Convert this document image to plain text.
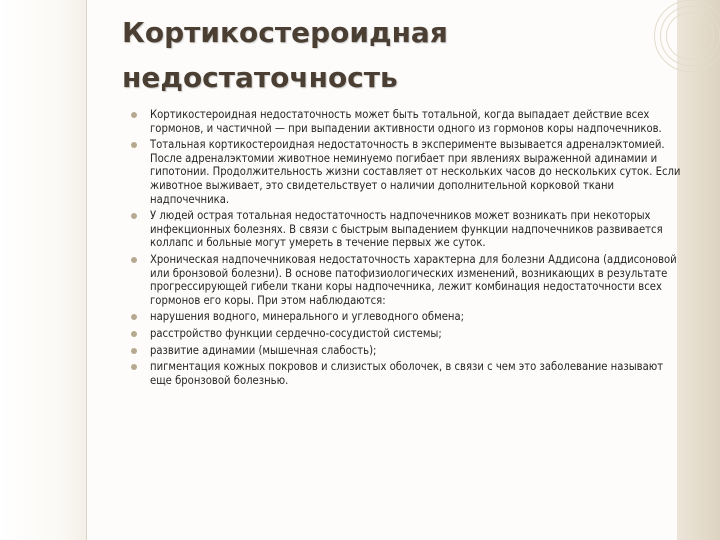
Кортикостероидная
недостаточность
Кортикостероидная недостаточность может быть тотальной, когда выпадает действие всех гормонов, и частичной — при выпадении активности одного из гормонов коры надпочечников.
Тотальная кортикостероидная недостаточность в эксперименте вызывается адреналэктомией. После адреналэктомии животное неминуемо погибает при явлениях выраженной адинамии и гипотонии. Продолжительность жизни составляет от нескольких часов до нескольких суток. Если животное выживает, это свидетельствует о наличии дополнительной корковой ткани надпочечника.
У людей острая тотальная недостаточность надпочечников может возникать при некоторых инфекционных болезнях. В связи с быстрым выпадением функции надпочечников развивается коллапс и больные могут умереть в течение первых же суток.
Хроническая надпочечниковая недостаточность характерна для болезни Аддисона (аддисоновой или бронзовой болезни). В основе патофизиологических изменений, возникающих в результате прогрессирующей гибели ткани коры надпочечника, лежит комбинация недостаточности всех гормонов его коры. При этом наблюдаются:
нарушения водного, минерального и углеводного обмена;
расстройство функции сердечно-сосудистой системы;
развитие адинамии (мышечная слабость);
пигментация кожных покровов и слизистых оболочек, в связи с чем это заболевание называют еще бронзовой болезнью.
